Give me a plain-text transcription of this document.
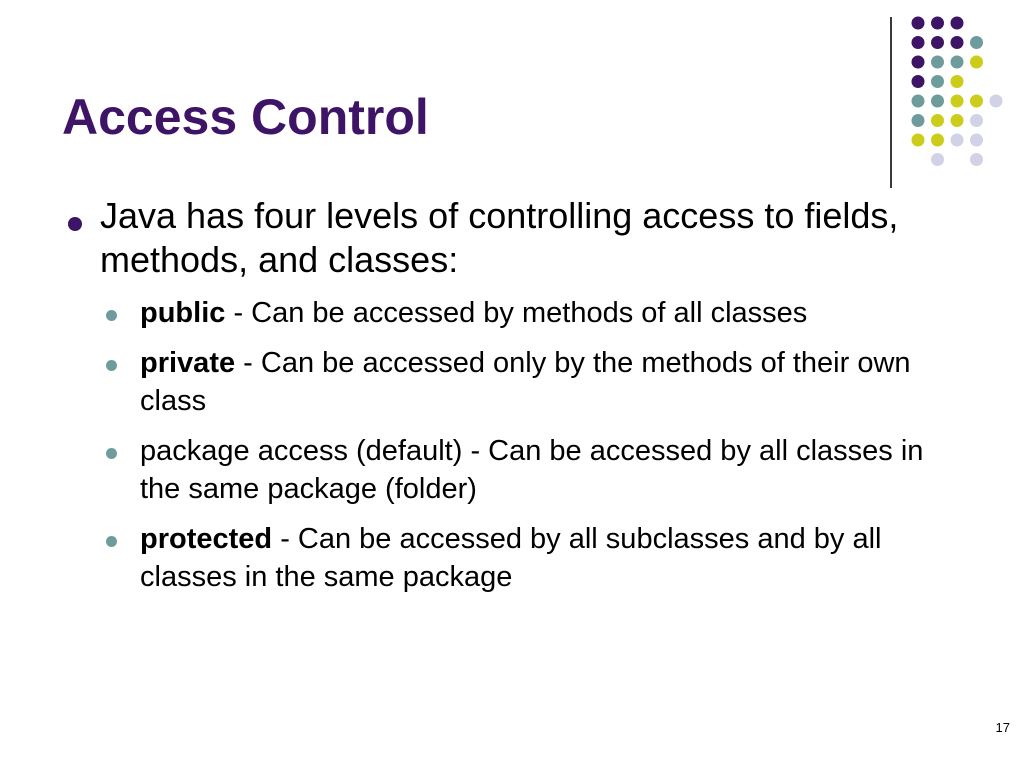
Access Control
Java has four levels of controlling access to fields, methods, and classes:
public - Can be accessed by methods of all classes
private - Can be accessed only by the methods of their own class
package access (default) - Can be accessed by all classes in the same package (folder)
protected - Can be accessed by all subclasses and by all classes in the same package
17
